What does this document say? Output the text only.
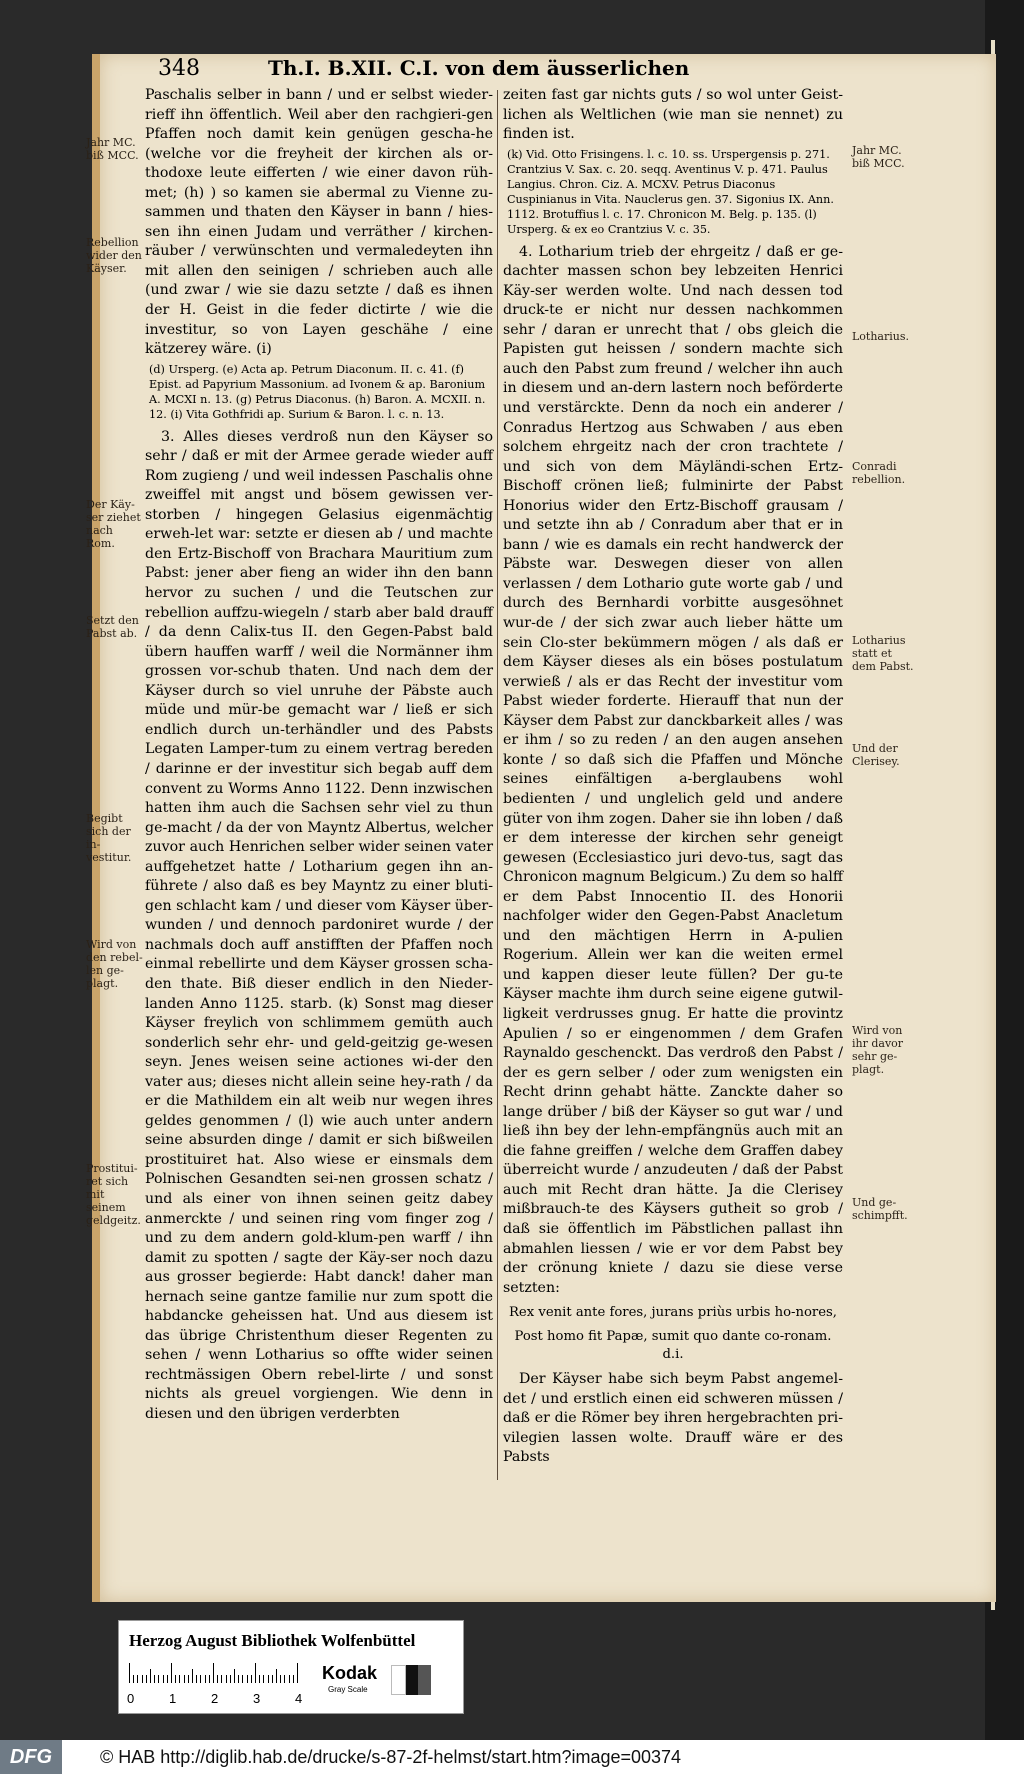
348	Th.I. B.XII. C.I. von dem äusserlichen
Jahr MC.
biß MCC.
Rebellion
wider den
Käyser.
Der Käy-
ser ziehet
nach Rom.
Setzt den
Pabst ab.
Begibt
sich der in-
vestitur.
Wird von
den rebel-
len ge-
plagt.
Prostitui-
ret sich mit
seinem
geldgeitz.
Jahr MC.
biß MCC.
Lotharius.
Conradi
rebellion.
Lotharius
statt et
dem Pabst.
Und der
Clerisey.
Wird von
ihr davor
sehr ge-
plagt.
Und ge-
schimpfft.

Paschalis selber in bann / und er selbst wieder-rieff ihn öffentlich. Weil aber den rachgieri-gen Pfaffen noch damit kein genügen gescha-he (welche vor die freyheit der kirchen als or-thodoxe leute eifferten / wie einer davon rüh-met; (h) ) so kamen sie abermal zu Vienne zu-sammen und thaten den Käyser in bann / hies-sen ihn einen Judam und verräther / kirchen-räuber / verwünschten und vermaledeyten ihn mit allen den seinigen / schrieben auch alle (und zwar / wie sie dazu setzte / daß es ihnen der H. Geist in die feder dictirte / wie die investitur, so von Layen geschähe / eine kätzerey wäre. (i)

(d) Ursperg. (e) Acta ap. Petrum Diaconum. II. c. 41. (f) Epist. ad Papyrium Massonium. ad Ivonem & ap. Baronium A. MCXI n. 13. (g) Petrus Diaconus. (h) Baron. A. MCXII. n. 12. (i) Vita Gothfridi ap. Surium & Baron. l. c. n. 13.

3. Alles dieses verdroß nun den Käyser so sehr / daß er mit der Armee gerade wieder auff Rom zugieng / und weil indessen Paschalis ohne zweiffel mit angst und bösem gewissen ver-storben / hingegen Gelasius eigenmächtig erweh-let war: setzte er diesen ab / und machte den Ertz-Bischoff von Brachara Mauritium zum Pabst: jener aber fieng an wider ihn den bann hervor zu suchen / und die Teutschen zur rebellion auffzu-wiegeln / starb aber bald drauff / da denn Calix-tus II. den Gegen-Pabst bald übern hauffen warff / weil die Normänner ihm grossen vor-schub thaten. Und nach dem der Käyser durch so viel unruhe der Päbste auch müde und mür-be gemacht war / ließ er sich endlich durch un-terhändler und des Pabsts Legaten Lamper-tum zu einem vertrag bereden / darinne er der investitur sich begab auff dem convent zu Worms Anno 1122. Denn inzwischen hatten ihm auch die Sachsen sehr viel zu thun ge-macht / da der von Mayntz Albertus, welcher zuvor auch Henrichen selber wider seinen vater auffgehetzet hatte / Lotharium gegen ihn an-führete / also daß es bey Mayntz zu einer bluti-gen schlacht kam / und dieser vom Käyser über-wunden / und dennoch pardoniret wurde / der nachmals doch auff anstifften der Pfaffen noch einmal rebellirte und dem Käyser grossen scha-den thate. Biß dieser endlich in den Nieder-landen Anno 1125. starb. (k) Sonst mag dieser Käyser freylich von schlimmem gemüth auch sonderlich sehr ehr- und geld-geitzig ge-wesen seyn. Jenes weisen seine actiones wi-der den vater aus; dieses nicht allein seine hey-rath / da er die Mathildem ein alt weib nur wegen ihres geldes genommen / (l) wie auch unter andern seine absurden dinge / damit er sich bißweilen prostituiret hat. Also wiese er einsmals dem Polnischen Gesandten sei-nen grossen schatz / und als einer von ihnen seinen geitz dabey anmerckte / und seinen ring vom finger zog / und zu dem andern gold-klum-pen warff / ihn damit zu spotten / sagte der Käy-ser noch dazu aus grosser begierde: Habt danck! daher man hernach seine gantze familie nur zum spott die habdancke geheissen hat. Und aus diesem ist das übrige Christenthum dieser Regenten zu sehen / wenn Lotharius so offte wider seinen rechtmässigen Obern rebel-lirte / und sonst nichts als greuel vorgiengen. Wie denn in diesen und den übrigen verderbten

zeiten fast gar nichts guts / so wol unter Geist-lichen als Weltlichen (wie man sie nennet) zu finden ist.

(k) Vid. Otto Frisingens. l. c. 10. ss. Urspergensis p. 271. Crantzius V. Sax. c. 20. seqq. Aventinus V. p. 471. Paulus Langius. Chron. Ciz. A. MCXV. Petrus Diaconus Cuspinianus in Vita. Nauclerus gen. 37. Sigonius IX. Ann. 1112. Brotuffius l. c. 17. Chronicon M. Belg. p. 135. (l) Ursperg. & ex eo Crantzius V. c. 35.

4. Lotharium trieb der ehrgeitz / daß er ge-dachter massen schon bey lebzeiten Henrici Käy-ser werden wolte. Und nach dessen tod druck-te er nicht nur dessen nachkommen sehr / daran er unrecht that / obs gleich die Papisten gut heissen / sondern machte sich auch den Pabst zum freund / welcher ihn auch in diesem und an-dern lastern noch beförderte und verstärckte. Denn da noch ein anderer / Conradus Hertzog aus Schwaben / aus eben solchem ehrgeitz nach der cron trachtete / und sich von dem Mäyländi-schen Ertz-Bischoff crönen ließ; fulminirte der Pabst Honorius wider den Ertz-Bischoff grausam / und setzte ihn ab / Conradum aber that er in bann / wie es damals ein recht handwerck der Päbste war. Deswegen dieser von allen verlassen / dem Lothario gute worte gab / und durch des Bernhardi vorbitte ausgesöhnet wur-de / der sich zwar auch lieber hätte um sein Clo-ster bekümmern mögen / als daß er dem Käyser dieses als ein böses postulatum verwieß / als er das Recht der investitur vom Pabst wieder forderte. Hierauff that nun der Käyser dem Pabst zur danckbarkeit alles / was er ihm / so zu reden / an den augen ansehen konte / so daß sich die Pfaffen und Mönche seines einfältigen a-berglaubens wohl bedienten / und unglelich geld und andere güter von ihm zogen. Daher sie ihn loben / daß er dem interesse der kirchen sehr geneigt gewesen (Ecclesiastico juri devo-tus, sagt das Chronicon magnum Belgicum.) Zu dem so halff er dem Pabst Innocentio II. des Honorii nachfolger wider den Gegen-Pabst Anacletum und den mächtigen Herrn in A-pulien Rogerium. Allein wer kan die weiten ermel und kappen dieser leute füllen? Der gu-te Käyser machte ihm durch seine eigene gutwil-ligkeit verdrusses gnug. Er hatte die provintz Apulien / so er eingenommen / dem Grafen Raynaldo geschenckt. Das verdroß den Pabst / der es gern selber / oder zum wenigsten ein Recht drinn gehabt hätte. Zanckte daher so lange drüber / biß der Käyser so gut war / und ließ ihn bey der lehn-empfängnüs auch mit an die fahne greiffen / welche dem Graffen dabey überreicht wurde / anzudeuten / daß der Pabst auch mit Recht dran hätte. Ja die Clerisey mißbrauch-te des Käysers gutheit so grob / daß sie öffentlich im Päbstlichen pallast ihn abmahlen liessen / wie er vor dem Pabst bey der crönung kniete / dazu sie diese verse setzten:

Rex venit ante fores, jurans priùs urbis ho-nores,

Post homo fit Papæ, sumit quo dante co-ronam. d.i.

Der Käyser habe sich beym Pabst angemel-det / und erstlich einen eid schweren müssen / daß er die Römer bey ihren hergebrachten pri-vilegien lassen wolte. Drauff wäre er des Pabsts

Herzog August Bibliothek Wolfenbüttel
0	1	2	3	4
Kodak
Gray Scale
DFG	© HAB http://diglib.hab.de/drucke/s-87-2f-helmst/start.htm?image=00374
